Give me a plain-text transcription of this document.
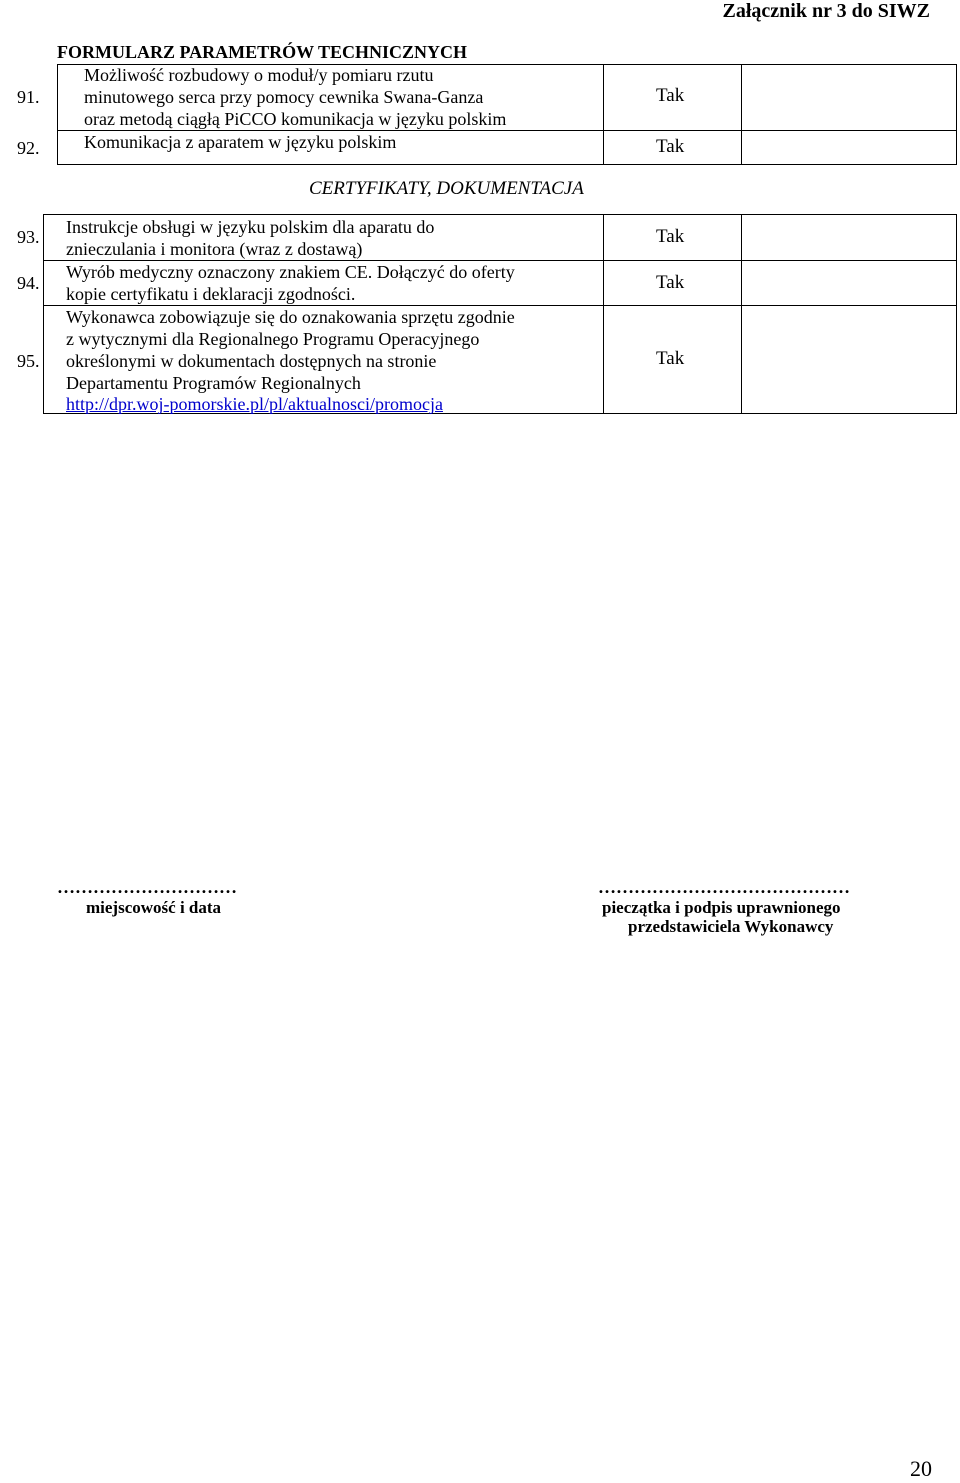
Załącznik nr 3 do SIWZ
FORMULARZ PARAMETRÓW TECHNICZNYCH
91.
Możliwość rozbudowy o moduł/y pomiaru rzutu
minutowego serca przy pomocy cewnika Swana-Ganza
oraz metodą ciągłą PiCCO komunikacja w języku polskim
Tak
92. Komunikacja z aparatem w języku polskim	Tak
CERTYFIKATY, DOKUMENTACJA
93. Instrukcje obsługi w języku polskim dla aparatu do
znieczulania i monitora (wraz z dostawą)
Tak
94.
Wyrób medyczny oznaczony znakiem CE. Dołączyć do oferty
kopie certyfikatu i deklaracji zgodności.
Tak
95.
Wykonawca zobowiązuje się do oznakowania sprzętu zgodnie
z wytycznymi dla Regionalnego Programu Operacyjnego
określonymi w dokumentach dostępnych na stronie
Departamentu Programów Regionalnych
http://dpr.woj-pomorskie.pl/pl/aktualnosci/promocja
Tak
…………………………
miejscowość i data
……………………………………
pieczątka i podpis uprawnionego
przedstawiciela Wykonawcy
20
